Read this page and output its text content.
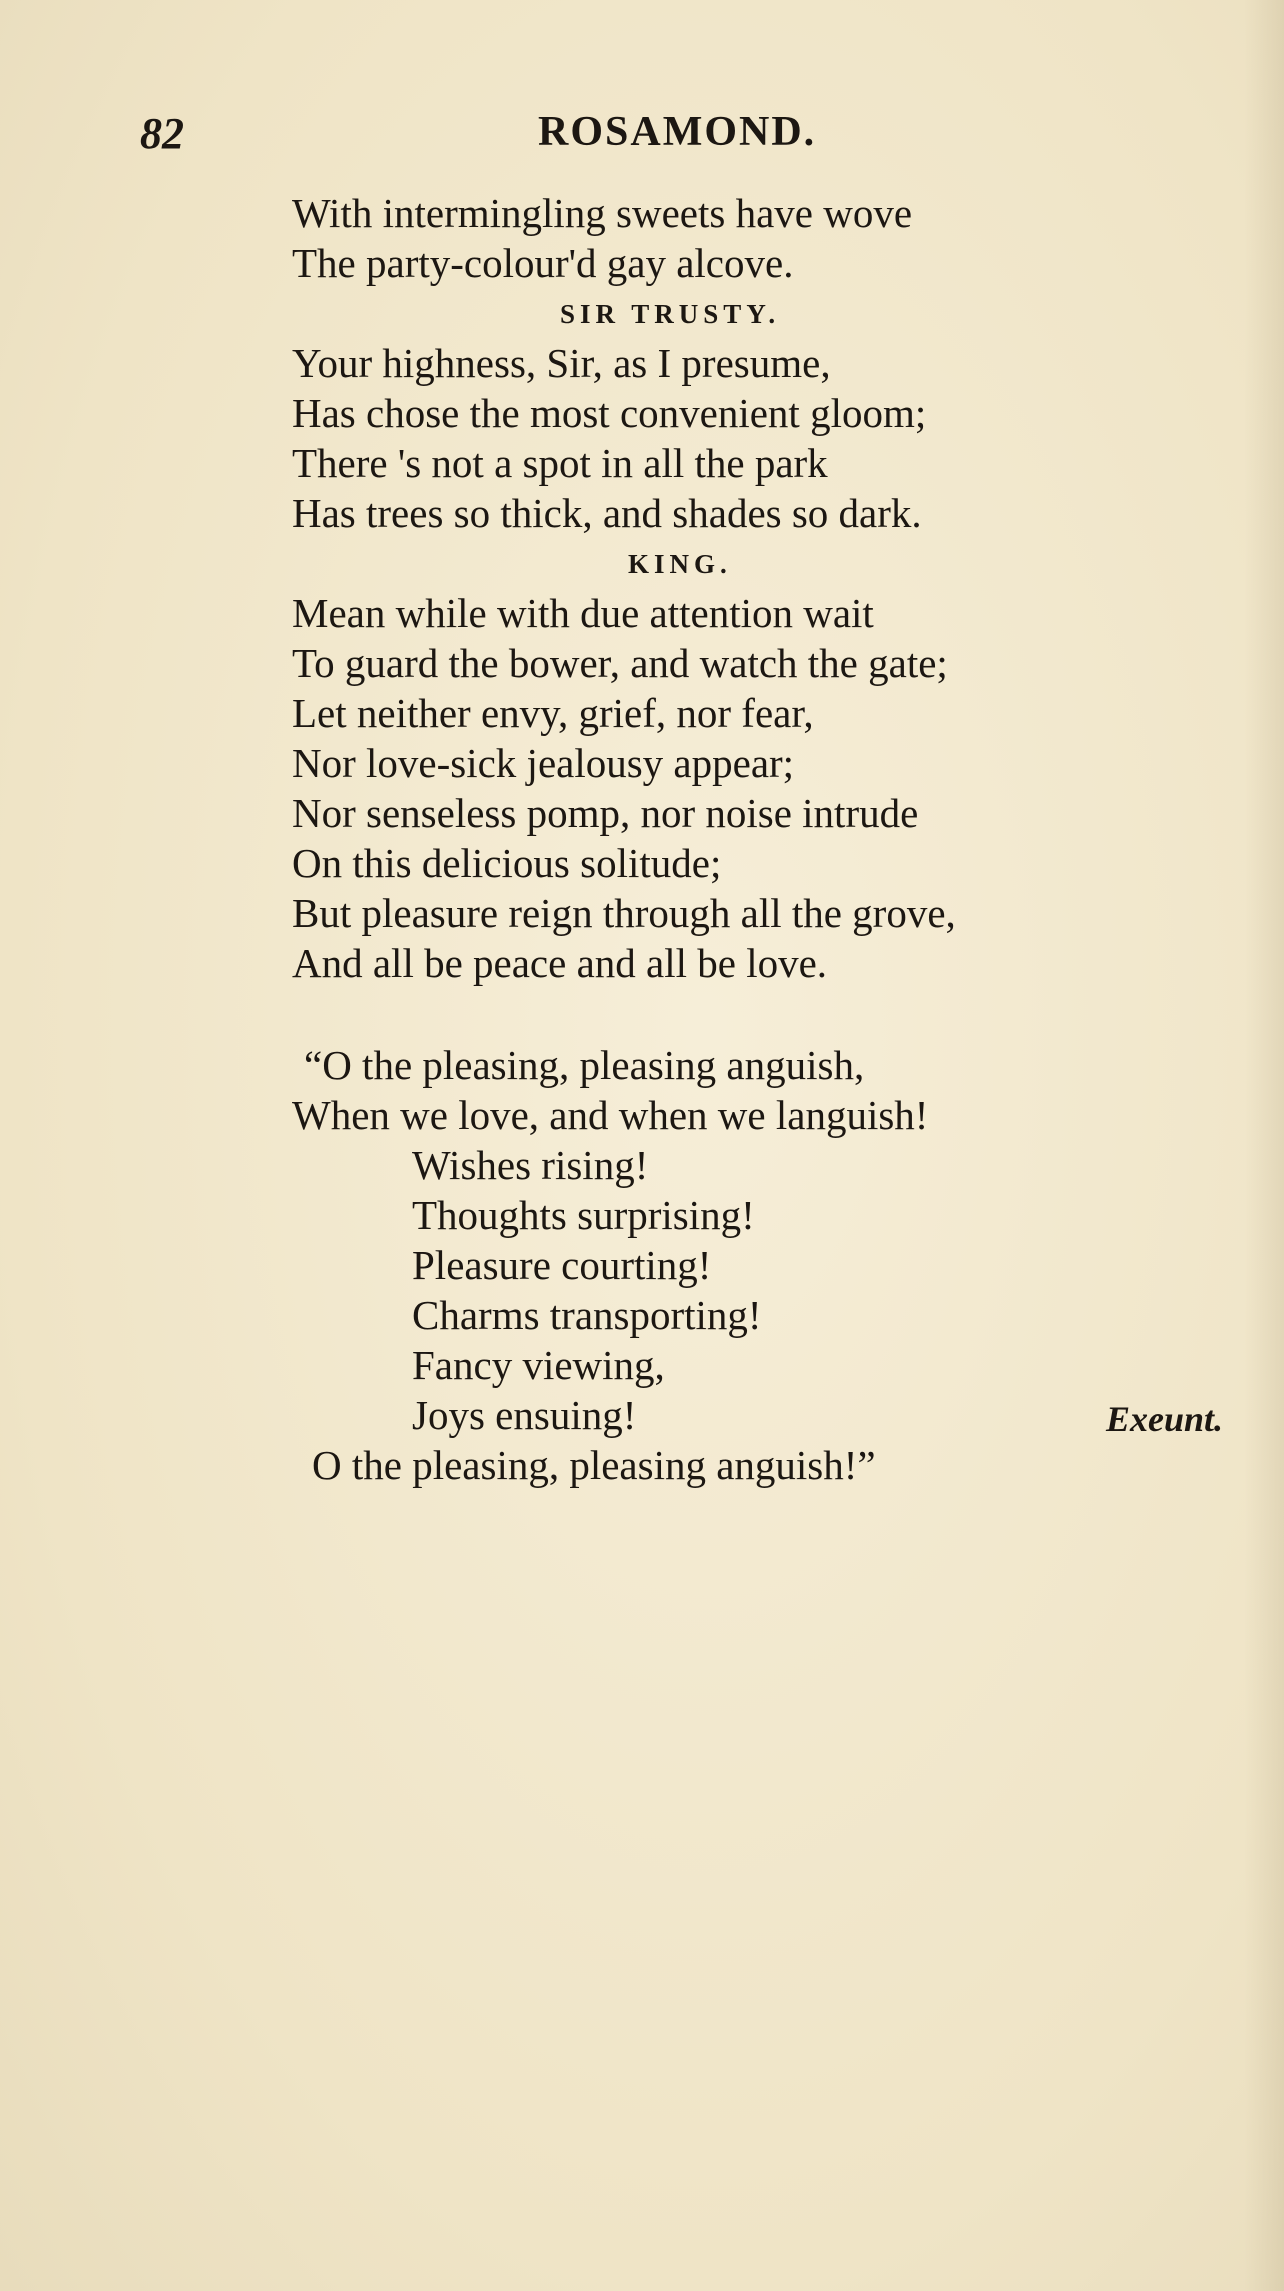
82	ROSAMOND.
With intermingling sweets have wove
The party-colour'd gay alcove.
SIR TRUSTY.
Your highness, Sir, as I presume,
Has chose the most convenient gloom;
There 's not a spot in all the park
Has trees so thick, and shades so dark.
KING.
Mean while with due attention wait
To guard the bower, and watch the gate;
Let neither envy, grief, nor fear,
Nor love-sick jealousy appear;
Nor senseless pomp, nor noise intrude
On this delicious solitude;
But pleasure reign through all the grove,
And all be peace and all be love.
“O the pleasing, pleasing anguish,
When we love, and when we languish!
Wishes rising!
Thoughts surprising!
Pleasure courting!
Charms transporting!
Fancy viewing,
Joys ensuing!
O the pleasing, pleasing anguish!”
Exeunt.
